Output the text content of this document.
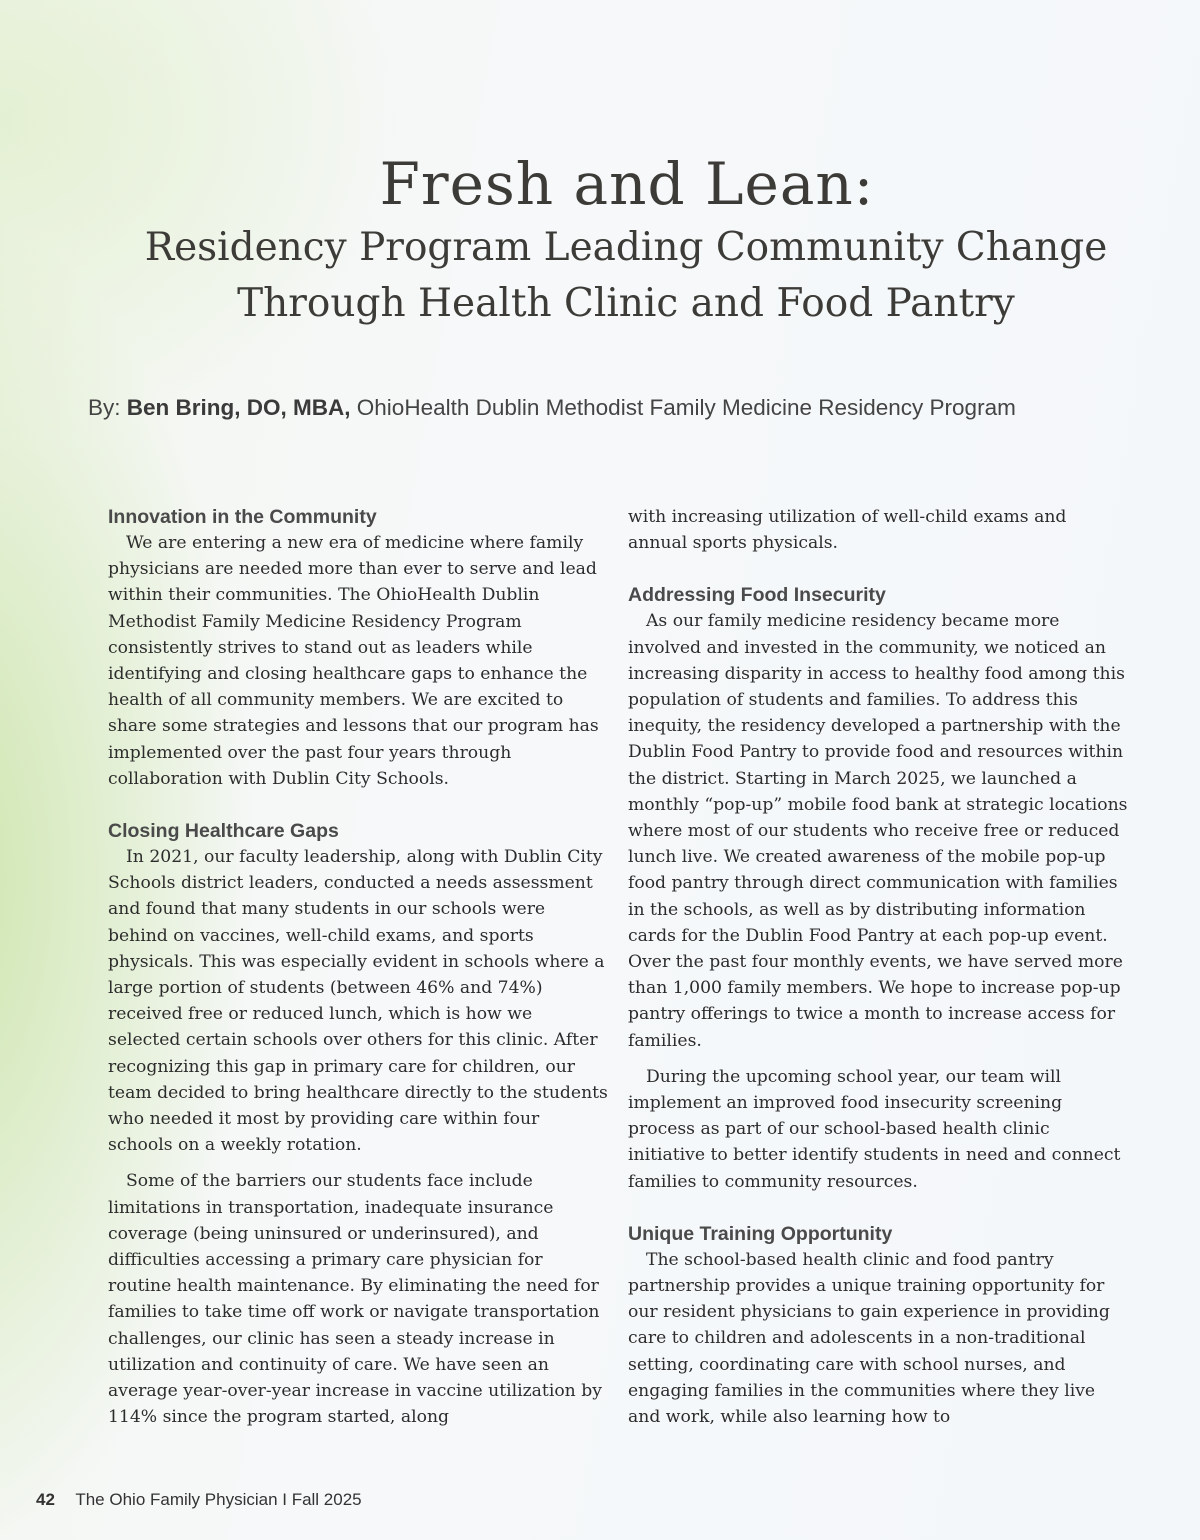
Fresh and Lean:
Residency Program Leading Community Change
Through Health Clinic and Food Pantry
By: Ben Bring, DO, MBA, OhioHealth Dublin Methodist Family Medicine Residency Program
Innovation in the Community

We are entering a new era of medicine where family physicians are needed more than ever to serve and lead within their communities. The OhioHealth Dublin Methodist Family Medicine Residency Program consistently strives to stand out as leaders while identifying and closing healthcare gaps to enhance the health of all community members. We are excited to share some strategies and lessons that our program has implemented over the past four years through collaboration with Dublin City Schools.

Closing Healthcare Gaps

In 2021, our faculty leadership, along with Dublin City Schools district leaders, conducted a needs assessment and found that many students in our schools were behind on vaccines, well-child exams, and sports physicals. This was especially evident in schools where a large portion of students (between 46% and 74%) received free or reduced lunch, which is how we selected certain schools over others for this clinic. After recognizing this gap in primary care for children, our team decided to bring healthcare directly to the students who needed it most by providing care within four schools on a weekly rotation.

Some of the barriers our students face include limitations in transportation, inadequate insurance coverage (being uninsured or underinsured), and difficulties accessing a primary care physician for routine health maintenance. By eliminating the need for families to take time off work or navigate transportation challenges, our clinic has seen a steady increase in utilization and continuity of care. We have seen an average year-over-year increase in vaccine utilization by 114% since the program started, along

with increasing utilization of well-child exams and annual sports physicals.

Addressing Food Insecurity

As our family medicine residency became more involved and invested in the community, we noticed an increasing disparity in access to healthy food among this population of students and families. To address this inequity, the residency developed a partnership with the Dublin Food Pantry to provide food and resources within the district. Starting in March 2025, we launched a monthly “pop-up” mobile food bank at strategic locations where most of our students who receive free or reduced lunch live. We created awareness of the mobile pop-up food pantry through direct communication with families in the schools, as well as by distributing information cards for the Dublin Food Pantry at each pop-up event. Over the past four monthly events, we have served more than 1,000 family members. We hope to increase pop-up pantry offerings to twice a month to increase access for families.

During the upcoming school year, our team will implement an improved food insecurity screening process as part of our school-based health clinic initiative to better identify students in need and connect families to community resources.

Unique Training Opportunity

The school-based health clinic and food pantry partnership provides a unique training opportunity for our resident physicians to gain experience in providing care to children and adolescents in a non-traditional setting, coordinating care with school nurses, and engaging families in the communities where they live and work, while also learning how to

42 The Ohio Family Physician I Fall 2025
